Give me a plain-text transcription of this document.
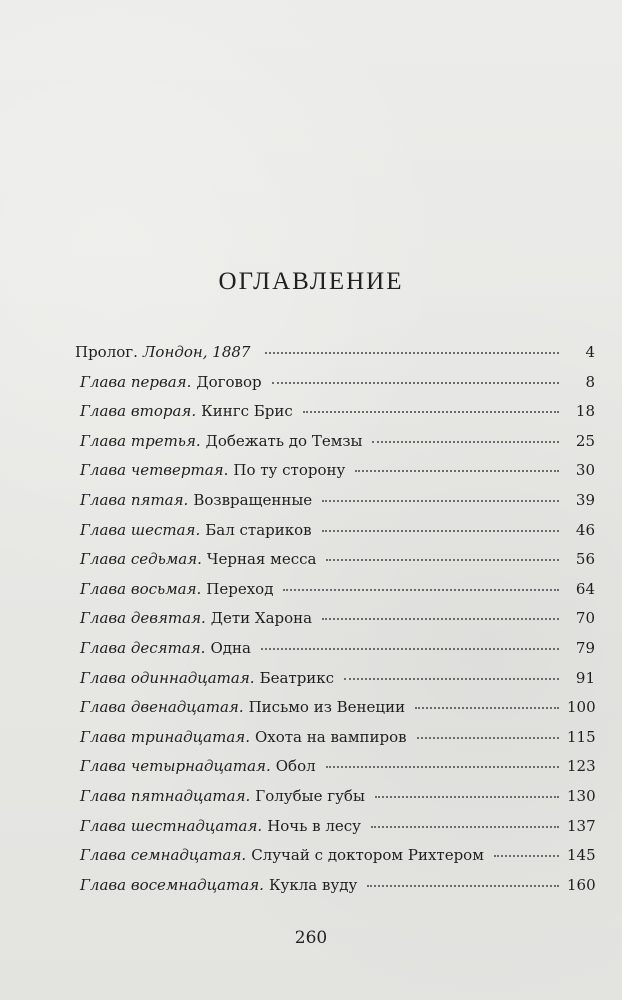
ОГЛАВЛЕНИЕ
Пролог. Лондон, 1887	4
Глава первая. Договор	8
Глава вторая. Кингс Брис	18
Глава третья. Добежать до Темзы	25
Глава четвертая. По ту сторону	30
Глава пятая. Возвращенные	39
Глава шестая. Бал стариков	46
Глава седьмая. Черная месса	56
Глава восьмая. Переход	64
Глава девятая. Дети Харона	70
Глава десятая. Одна	79
Глава одиннадцатая. Беатрикс	91
Глава двенадцатая. Письмо из Венеции	100
Глава тринадцатая. Охота на вампиров	115
Глава четырнадцатая. Обол	123
Глава пятнадцатая. Голубые губы	130
Глава шестнадцатая. Ночь в лесу	137
Глава семнадцатая. Случай с доктором Рихтером	145
Глава восемнадцатая. Кукла вуду	160
260
